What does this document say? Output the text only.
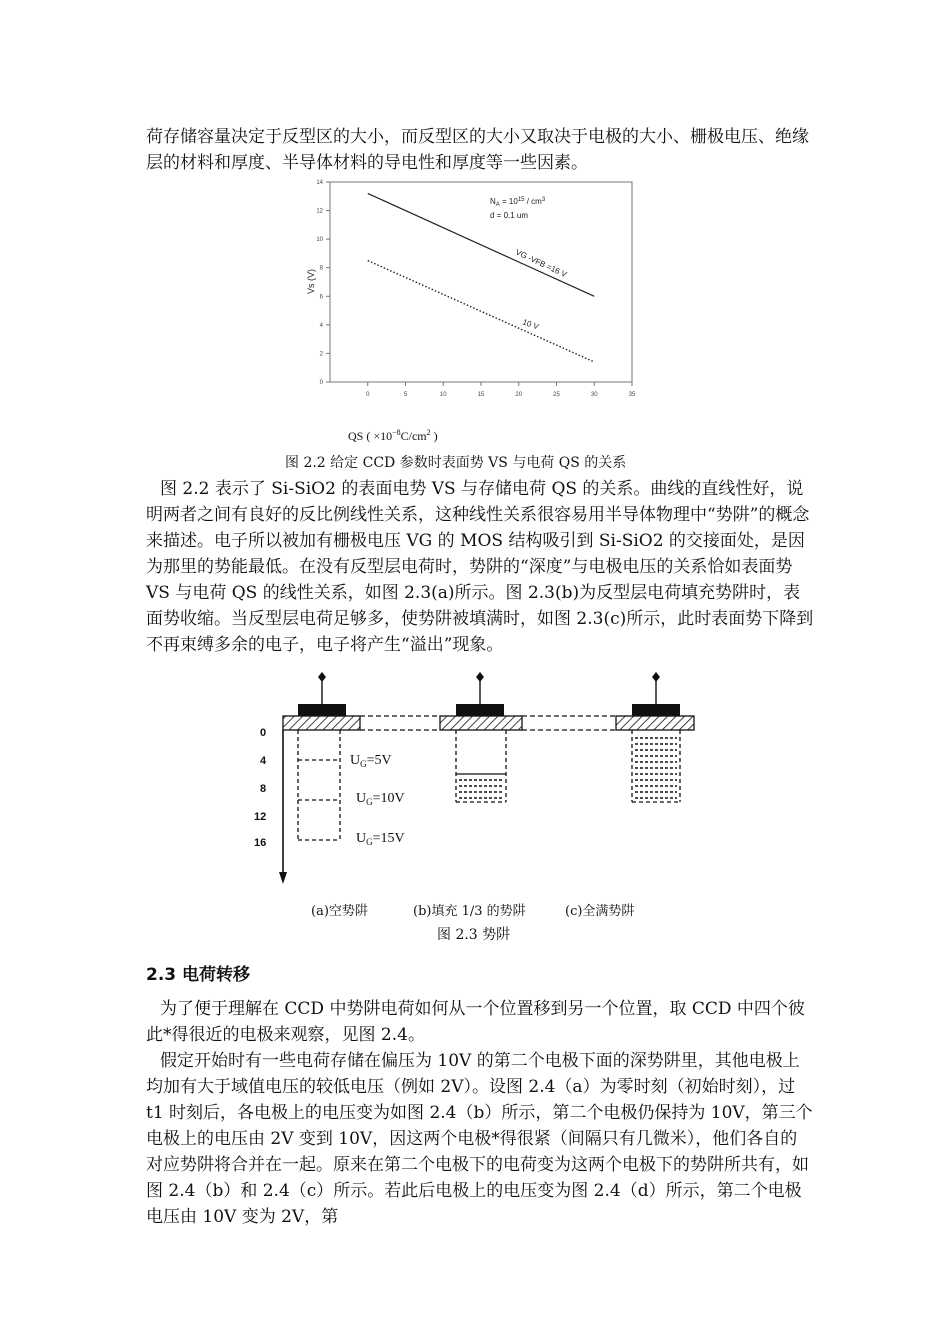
荷存储容量决定于反型区的大小，而反型区的大小又取决于电极的大小、栅极电压、绝缘层的材料和厚度、半导体材料的导电性和厚度等一些因素。

0	5	10	15	20	25	30	35
0
2
4
6
8
10
12
14
$N_A = 10^{15} / cm^3$
d = 0.1 um
VG -VFB =16 V
10 V
Vs (V)

QS ( $\times 10^{-8}C/cm^2$ )

图 2.2 给定 CCD 参数时表面势 VS 与电荷 QS 的关系

图 2.2 表示了 Si-SiO2 的表面电势 VS 与存储电荷 QS 的关系。曲线的直线性好，说明两者之间有良好的反比例线性关系，这种线性关系很容易用半导体物理中“势阱”的概念来描述。电子所以被加有栅极电压 VG 的 MOS 结构吸引到 Si-SiO2 的交接面处，是因为那里的势能最低。在没有反型层电荷时，势阱的“深度”与电极电压的关系恰如表面势 VS 与电荷 QS 的线性关系，如图 2.3(a)所示。图 2.3(b)为反型层电荷填充势阱时，表面势收缩。当反型层电荷足够多，使势阱被填满时，如图 2.3(c)所示，此时表面势下降到不再束缚多余的电子，电子将产生“溢出”现象。

0
4
8
12
16
$U_G=5V$
$U_G=10V$
$U_G=15V$

(a)空势阱	(b)填充 1/3 的势阱	(c)全满势阱

图 2.3 势阱

2.3 电荷转移

为了便于理解在 CCD 中势阱电荷如何从一个位置移到另一个位置，取 CCD 中四个彼此*得很近的电极来观察，见图 2.4。

假定开始时有一些电荷存储在偏压为 10V 的第二个电极下面的深势阱里，其他电极上均加有大于域值电压的较低电压（例如 2V）。设图 2.4（a）为零时刻（初始时刻），过 t1 时刻后，各电极上的电压变为如图 2.4（b）所示，第二个电极仍保持为 10V，第三个电极上的电压由 2V 变到 10V，因这两个电极*得很紧（间隔只有几微米），他们各自的对应势阱将合并在一起。原来在第二个电极下的电荷变为这两个电极下的势阱所共有，如图 2.4（b）和 2.4（c）所示。若此后电极上的电压变为图 2.4（d）所示，第二个电极电压由 10V 变为 2V，第
